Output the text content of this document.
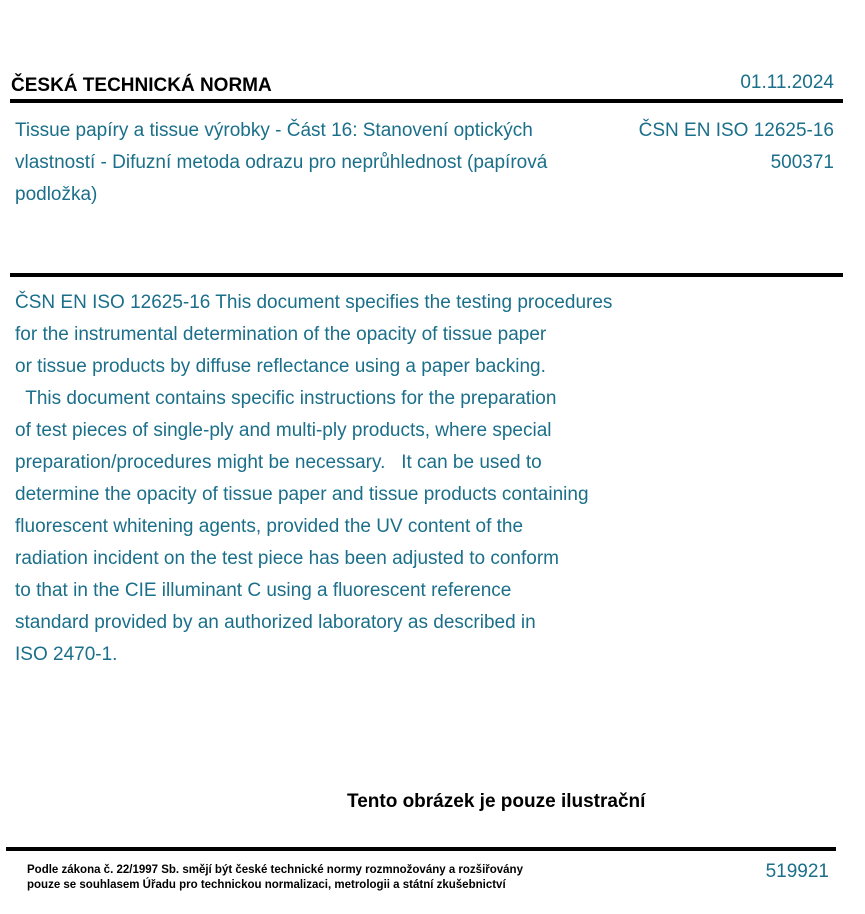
ČESKÁ TECHNICKÁ NORMA	01.11.2024
Tissue papíry a tissue výrobky - Část 16: Stanovení optických vlastností - Difuzní metoda odrazu pro neprůhlednost (papírová podložka)
ČSN EN ISO 12625-16
500371
ČSN EN ISO 12625-16 This document specifies the testing procedures
for the instrumental determination of the opacity of tissue paper
or tissue products by diffuse reflectance using a paper backing.
This document contains specific instructions for the preparation
of test pieces of single-ply and multi-ply products, where special
preparation/procedures might be necessary.   It can be used to
determine the opacity of tissue paper and tissue products containing
fluorescent whitening agents, provided the UV content of the
radiation incident on the test piece has been adjusted to conform
to that in the CIE illuminant C using a fluorescent reference
standard provided by an authorized laboratory as described in
ISO 2470-1.
Tento obrázek je pouze ilustrační
Podle zákona č. 22/1997 Sb. smějí být české technické normy rozmnožovány a rozšiřovány
pouze se souhlasem Úřadu pro technickou normalizaci, metrologii a státní zkušebnictví
519921
